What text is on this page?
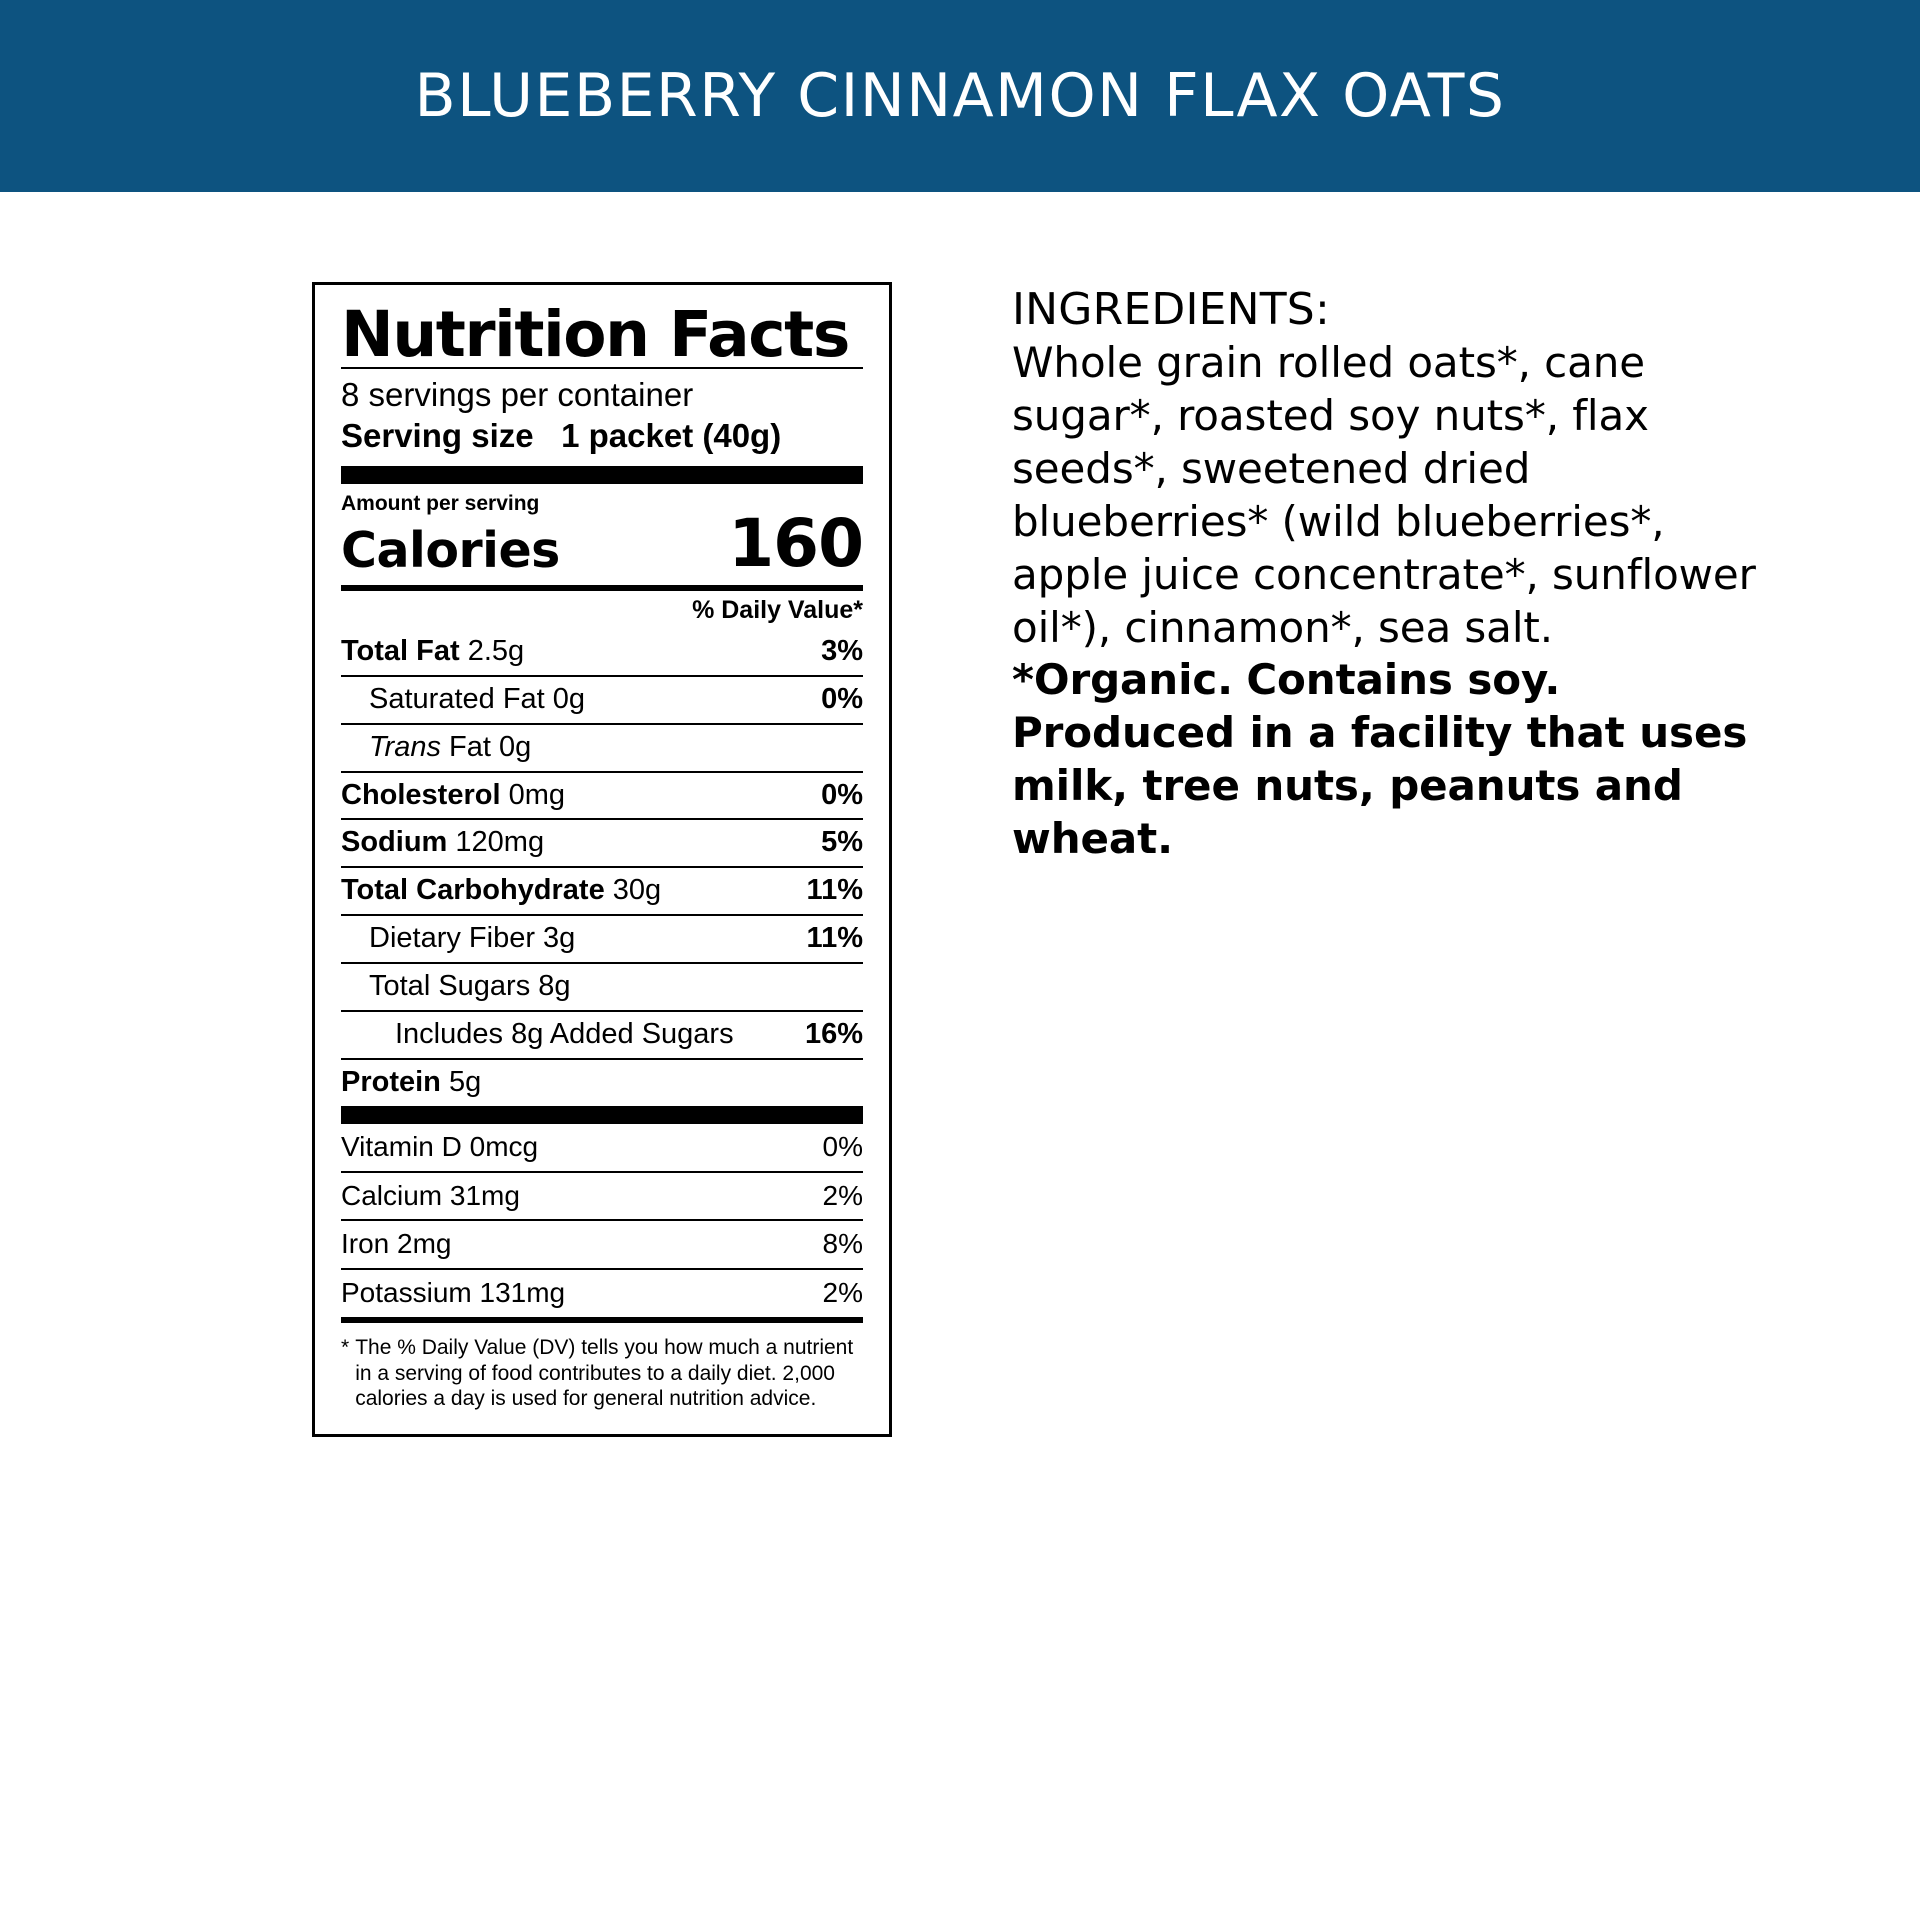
BLUEBERRY CINNAMON FLAX OATS
Nutrition Facts
8 servings per container
Serving size 1 packet (40g)
Amount per serving
Calories	160
% Daily Value*
Total Fat 2.5g	3%
Saturated Fat 0g	0%
Trans Fat 0g
Cholesterol 0mg	0%
Sodium 120mg	5%
Total Carbohydrate 30g	11%
Dietary Fiber 3g	11%
Total Sugars 8g
Includes 8g Added Sugars 16%
Protein 5g
Vitamin D 0mcg	0%
Calcium 31mg	2%
Iron 2mg	8%
Potassium 131mg	2%
* The % Daily Value (DV) tells you how much a nutrient in a serving of food contributes to a daily diet. 2,000 calories a day is used for general nutrition advice.
INGREDIENTS:
Whole grain rolled oats*, cane sugar*, roasted soy nuts*, flax seeds*, sweetened dried blueberries* (wild blueberries*, apple juice concentrate*, sunflower oil*), cinnamon*, sea salt. *Organic. Contains soy. Produced in a facility that uses milk, tree nuts, peanuts and wheat.
